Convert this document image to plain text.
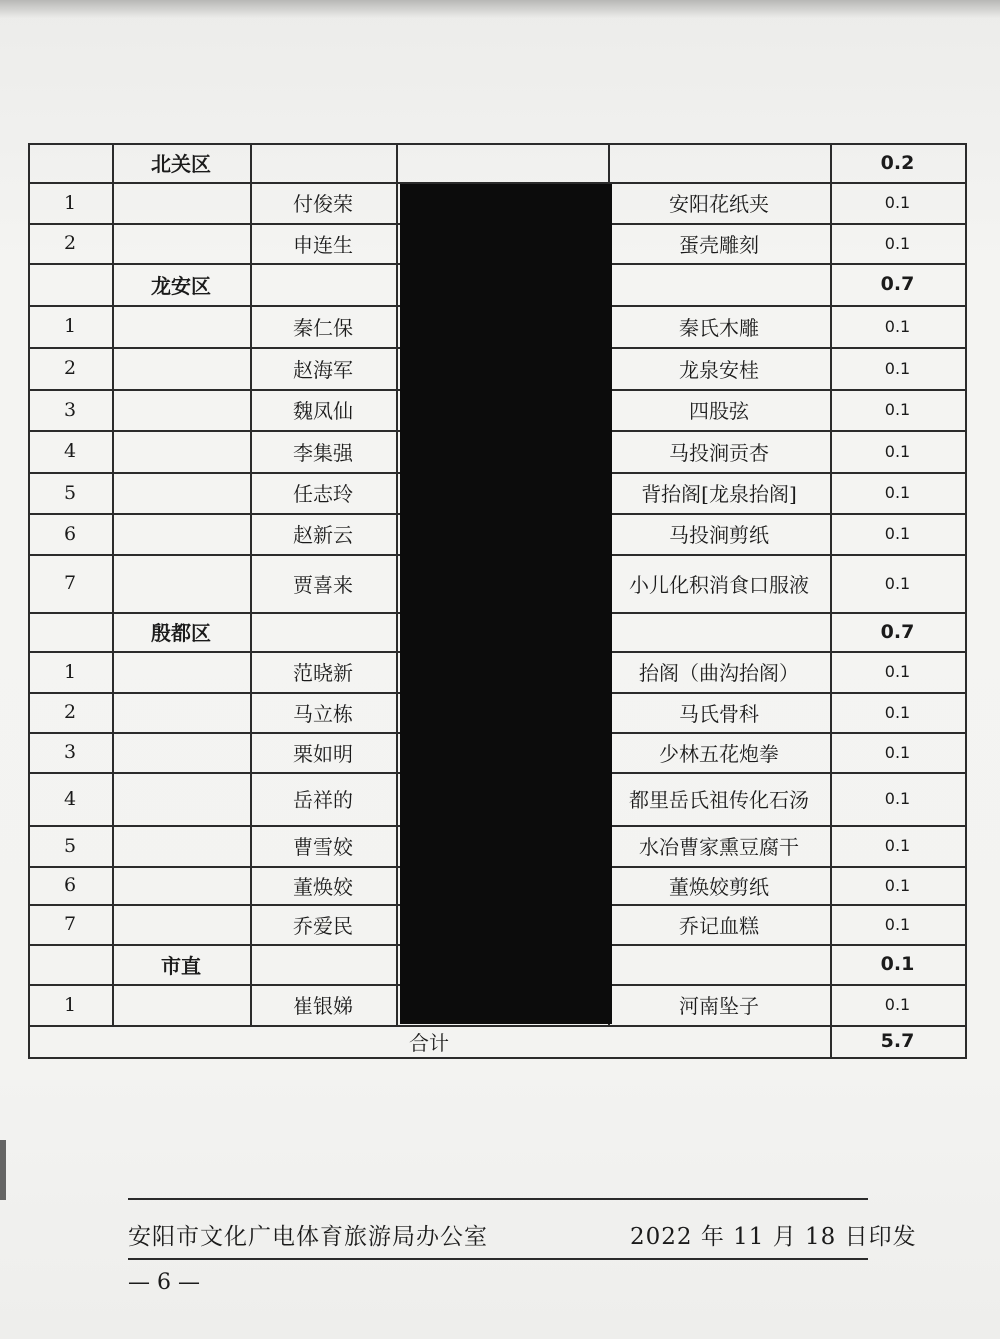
北关区	0.2
1	付俊荣	安阳花纸夹	0.1
2	申连生	蛋壳雕刻	0.1
龙安区	0.7
1	秦仁保	秦氏木雕	0.1
2	赵海军	龙泉安桂	0.1
3	魏凤仙	四股弦	0.1
4	李集强	马投涧贡杏	0.1
5	任志玲	背抬阁[龙泉抬阁]	0.1
6	赵新云	马投涧剪纸	0.1
7	贾喜来	小儿化积消食口服液	0.1
殷都区	0.7
1	范晓新	抬阁（曲沟抬阁）	0.1
2	马立栋	马氏骨科	0.1
3	栗如明	少林五花炮拳	0.1
4	岳祥的	都里岳氏祖传化石汤	0.1
5	曹雪姣	水冶曹家熏豆腐干	0.1
6	董焕姣	董焕姣剪纸	0.1
7	乔爱民	乔记血糕	0.1
市直	0.1
1	崔银娣	河南坠子	0.1
合计	5.7
安阳市文化广电体育旅游局办公室	2022 年 11 月 18 日印发
— 6 —
